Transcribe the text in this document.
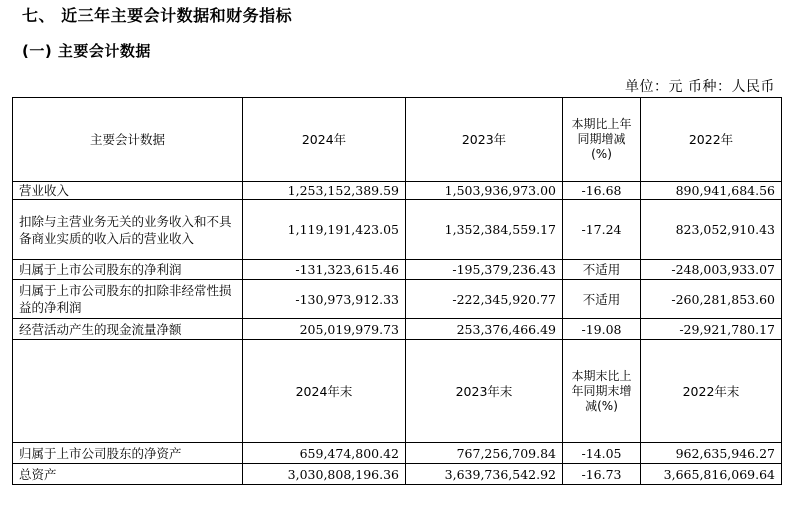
七、 近三年主要会计数据和财务指标
(一) 主要会计数据
单位：元 币种：人民币
主要会计数据	2024年	2023年	本期比上年同期增减(%)	2022年
营业收入	1,253,152,389.59	1,503,936,973.00	-16.68	890,941,684.56
扣除与主营业务无关的业务收入和不具备商业实质的收入后的营业收入	1,119,191,423.05	1,352,384,559.17	-17.24	823,052,910.43
归属于上市公司股东的净利润	-131,323,615.46	-195,379,236.43	不适用	-248,003,933.07
归属于上市公司股东的扣除非经常性损益的净利润	-130,973,912.33	-222,345,920.77	不适用	-260,281,853.60
经营活动产生的现金流量净额	205,019,979.73	253,376,466.49	-19.08	-29,921,780.17
	2024年末	2023年末	本期末比上年同期末增减(%)	2022年末
归属于上市公司股东的净资产	659,474,800.42	767,256,709.84	-14.05	962,635,946.27
总资产	3,030,808,196.36	3,639,736,542.92	-16.73	3,665,816,069.64
